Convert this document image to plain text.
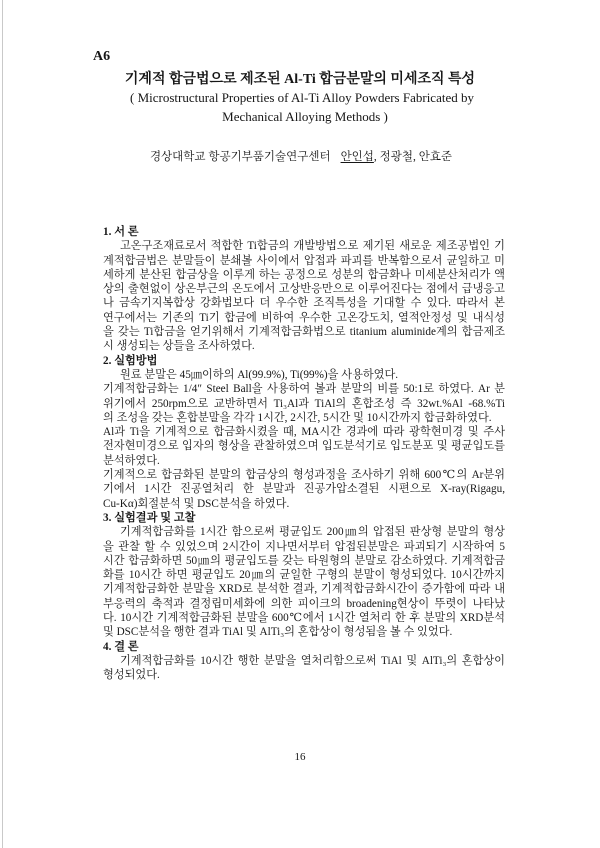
A6
기계적 합금법으로 제조된 Al-Ti 합금분말의 미세조직 특성
( Microstructural Properties of Al-Ti Alloy Powders Fabricated by
Mechanical Alloying Methods )
경상대학교 항공기부품기술연구센터 안인섭, 정광철, 안효준
1. 서 론
고온구조재료로서 적합한 Ti합금의 개발방법으로 제기된 새로운 제조공법인 기
계적합금법은 분말들이 분쇄볼 사이에서 압접과 파괴를 반복함으로서 균일하고 미
세하게 분산된 합금상을 이루게 하는 공정으로 성분의 합금화나 미세분산처리가 액
상의 출현없이 상온부근의 온도에서 고상반응만으로 이루어진다는 점에서 급냉응고
나 금속기지복합상 강화법보다 더 우수한 조직특성을 기대할 수 있다. 따라서 본
연구에서는 기존의 Ti기 합금에 비하여 우수한 고온강도치, 열적안정성 및 내식성
을 갖는 Ti합금을 얻기위해서 기계적합금화법으로 titanium aluminide계의 합금제조
시 생성되는 상들을 조사하였다.
2. 실험방법
원료 분말은 45㎛이하의 Al(99.9%), Ti(99%)을 사용하였다.
기계적합금화는 1/4″ Steel Ball을 사용하여 볼과 분말의 비를 50:1로 하였다. Ar 분
위기에서 250rpm으로 교반하면서 Ti₃Al과 TiAl의 혼합조성 즉 32wt.%Al -68.%Ti
의 조성을 갖는 혼합분말을 각각 1시간, 2시간, 5시간 및 10시간까지 합금화하였다.
Al과 Ti을 기계적으로 합금화시켰을 때, MA시간 경과에 따라 광학현미경 및 주사
전자현미경으로 입자의 형상을 관찰하였으며 입도분석기로 입도분포 및 평균입도를
분석하였다.
기계적으로 합금화된 분말의 합금상의 형성과정을 조사하기 위해 600℃의 Ar분위
기에서 1시간 진공열처리 한 분말과 진공가압소결된 시편으로 X-ray(Rigagu,
Cu-Kα)회절분석 및 DSC분석을 하였다.
3. 실험결과 및 고찰
기계적합금화를 1시간 함으로써 평균입도 200㎛의 압접된 판상형 분말의 형상
을 관찰 할 수 있었으며 2시간이 지나면서부터 압접된분말은 파괴되기 시작하여 5
시간 합금화하면 50㎛의 평균입도를 갖는 타원형의 분말로 감소하였다. 기계적합금
화를 10시간 하면 평균입도 20㎛의 균일한 구형의 분말이 형성되었다. 10시간까지
기계적합금화한 분말을 XRD로 분석한 결과, 기계적합금화시간이 증가함에 따라 내
부응력의 축적과 결정립미세화에 의한 피이크의 broadening현상이 뚜렷이 나타났
다. 10시간 기계적합금화된 분말을 600℃에서 1시간 열처리 한 후 분말의 XRD분석
및 DSC분석을 행한 결과 TiAl 및 AlTi₃의 혼합상이 형성됨을 볼 수 있었다.
4. 결 론
기계적합금화를 10시간 행한 분말을 열처리함으로써 TiAl 및 AlTi₃의 혼합상이
형성되었다.
16
